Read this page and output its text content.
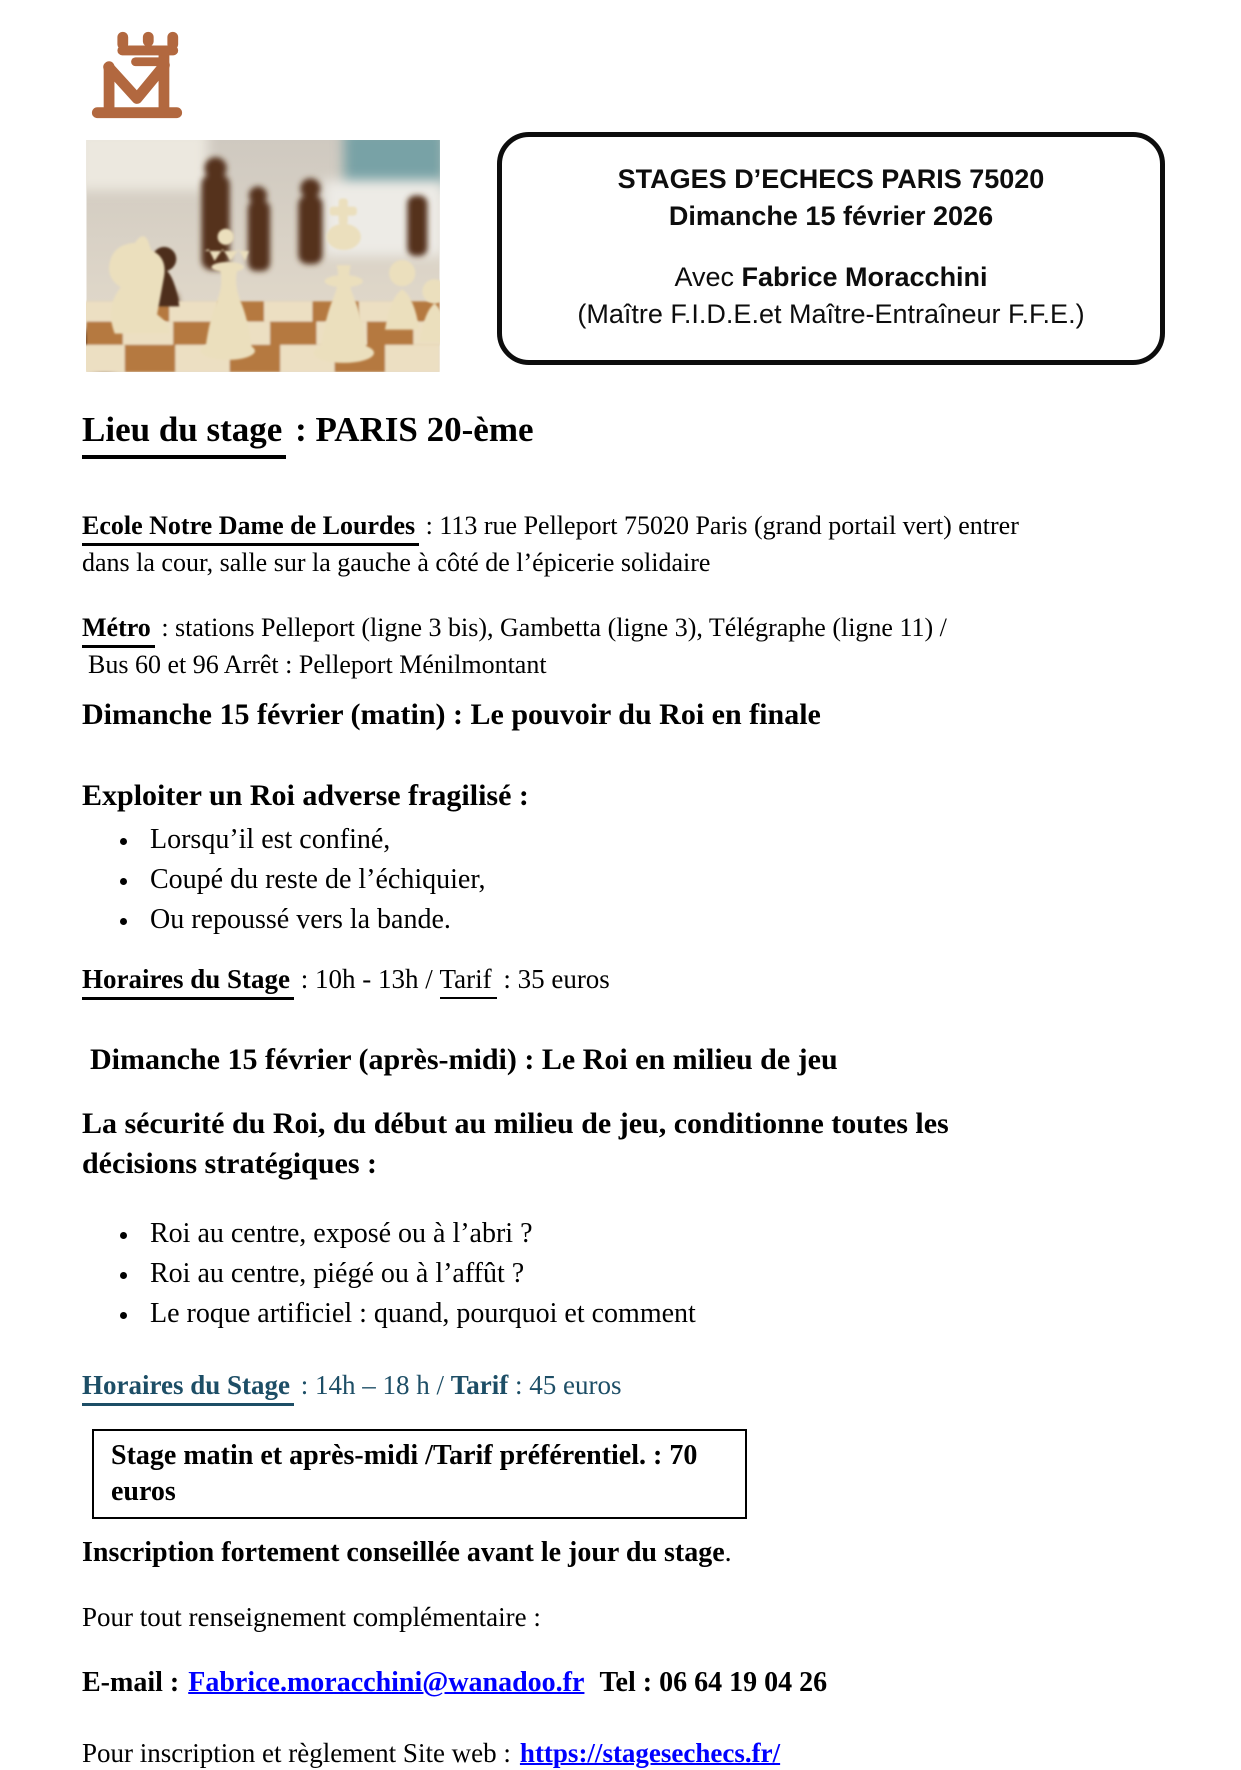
STAGES D’ECHECS PARIS 75020
Dimanche 15 février 2026
Avec Fabrice Moracchini
(Maître F.I.D.E.et Maître-Entraîneur F.F.E.)
Lieu du stage : PARIS 20-ème

Ecole Notre Dame de Lourdes : 113 rue Pelleport 75020 Paris (grand portail vert) entrer
dans la cour, salle sur la gauche à côté de l’épicerie solidaire

Métro : stations Pelleport (ligne 3 bis), Gambetta (ligne 3), Télégraphe (ligne 11) /
Bus 60 et 96 Arrêt : Pelleport Ménilmontant

Dimanche 15 février (matin) : Le pouvoir du Roi en finale
Exploiter un Roi adverse fragilisé :
Lorsqu’il est confiné,
Coupé du reste de l’échiquier,
Ou repoussé vers la bande.
Horaires du Stage : 10h - 13h / Tarif : 35 euros
Dimanche 15 février (après-midi) : Le Roi en milieu de jeu
La sécurité du Roi, du début au milieu de jeu, conditionne toutes les
décisions stratégiques :
Roi au centre, exposé ou à l’abri ?
Roi au centre, piégé ou à l’affût ?
Le roque artificiel : quand, pourquoi et comment
Horaires du Stage : 14h – 18 h / Tarif : 45 euros
Stage matin et après-midi /Tarif préférentiel. : 70 euros
Inscription fortement conseillée avant le jour du stage.
Pour tout renseignement complémentaire :
E-mail : Fabrice.moracchini@wanadoo.fr Tel : 06 64 19 04 26
Pour inscription et règlement Site web : https://stagesechecs.fr/
